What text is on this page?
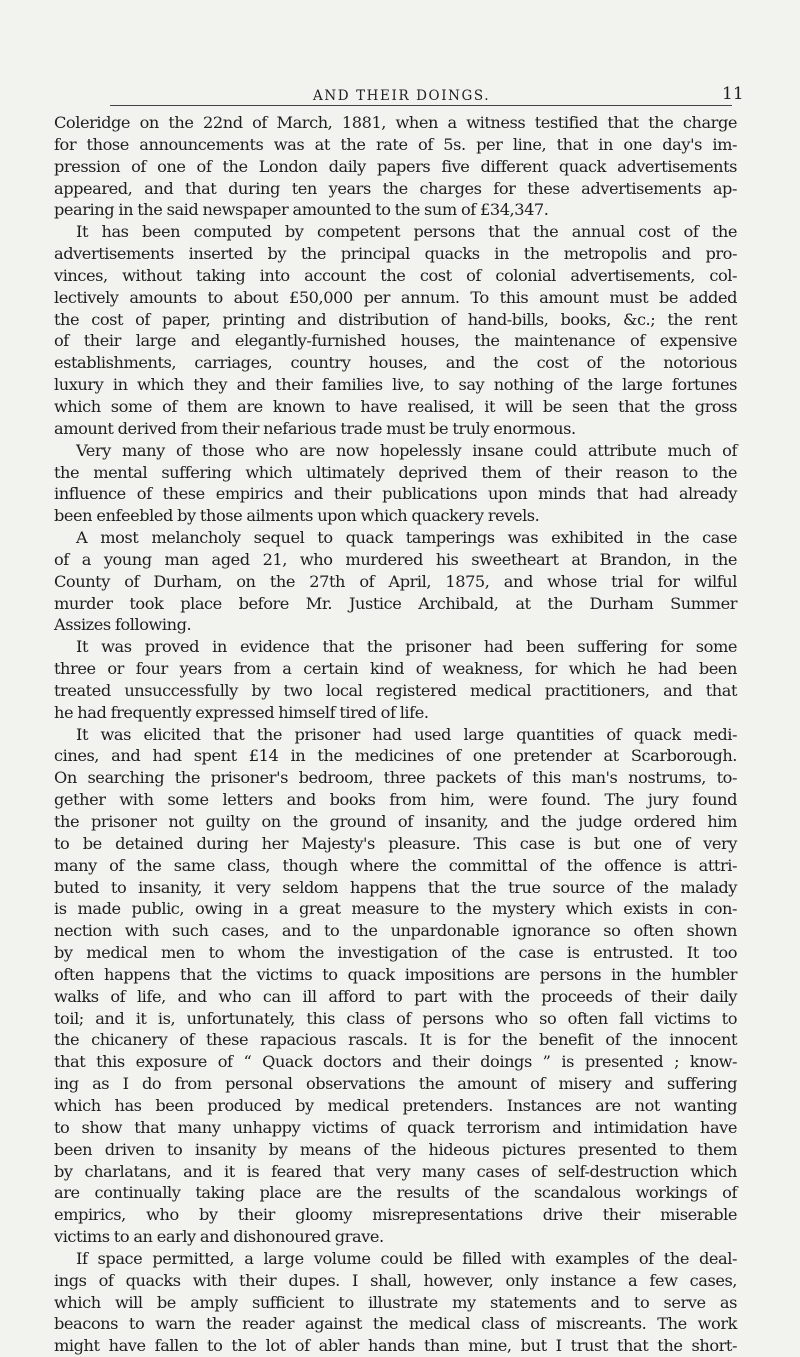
AND THEIR DOINGS.	11
Coleridge on the 22nd of March, 1881, when a witness testified that the charge
for those announcements was at the rate of 5s. per line, that in one day's im-
pression of one of the London daily papers five different quack advertisements
appeared, and that during ten years the charges for these advertisements ap-
pearing in the said newspaper amounted to the sum of £34,347.
It has been computed by competent persons that the annual cost of the
advertisements inserted by the principal quacks in the metropolis and pro-
vinces, without taking into account the cost of colonial advertisements, col-
lectively amounts to about £50,000 per annum. To this amount must be added
the cost of paper, printing and distribution of hand-bills, books, &c.; the rent
of their large and elegantly-furnished houses, the maintenance of expensive
establishments, carriages, country houses, and the cost of the notorious
luxury in which they and their families live, to say nothing of the large fortunes
which some of them are known to have realised, it will be seen that the gross
amount derived from their nefarious trade must be truly enormous.
Very many of those who are now hopelessly insane could attribute much of
the mental suffering which ultimately deprived them of their reason to the
influence of these empirics and their publications upon minds that had already
been enfeebled by those ailments upon which quackery revels.
A most melancholy sequel to quack tamperings was exhibited in the case
of a young man aged 21, who murdered his sweetheart at Brandon, in the
County of Durham, on the 27th of April, 1875, and whose trial for wilful
murder took place before Mr. Justice Archibald, at the Durham Summer
Assizes following.
It was proved in evidence that the prisoner had been suffering for some
three or four years from a certain kind of weakness, for which he had been
treated unsuccessfully by two local registered medical practitioners, and that
he had frequently expressed himself tired of life.
It was elicited that the prisoner had used large quantities of quack medi-
cines, and had spent £14 in the medicines of one pretender at Scarborough.
On searching the prisoner's bedroom, three packets of this man's nostrums, to-
gether with some letters and books from him, were found. The jury found
the prisoner not guilty on the ground of insanity, and the judge ordered him
to be detained during her Majesty's pleasure. This case is but one of very
many of the same class, though where the committal of the offence is attri-
buted to insanity, it very seldom happens that the true source of the malady
is made public, owing in a great measure to the mystery which exists in con-
nection with such cases, and to the unpardonable ignorance so often shown
by medical men to whom the investigation of the case is entrusted. It too
often happens that the victims to quack impositions are persons in the humbler
walks of life, and who can ill afford to part with the proceeds of their daily
toil; and it is, unfortunately, this class of persons who so often fall victims to
the chicanery of these rapacious rascals. It is for the benefit of the innocent
that this exposure of “ Quack doctors and their doings ” is presented ; know-
ing as I do from personal observations the amount of misery and suffering
which has been produced by medical pretenders. Instances are not wanting
to show that many unhappy victims of quack terrorism and intimidation have
been driven to insanity by means of the hideous pictures presented to them
by charlatans, and it is feared that very many cases of self-destruction which
are continually taking place are the results of the scandalous workings of
empirics, who by their gloomy misrepresentations drive their miserable
victims to an early and dishonoured grave.
If space permitted, a large volume could be filled with examples of the deal-
ings of quacks with their dupes. I shall, however, only instance a few cases,
which will be amply sufficient to illustrate my statements and to serve as
beacons to warn the reader against the medical class of miscreants. The work
might have fallen to the lot of abler hands than mine, but I trust that the short-
